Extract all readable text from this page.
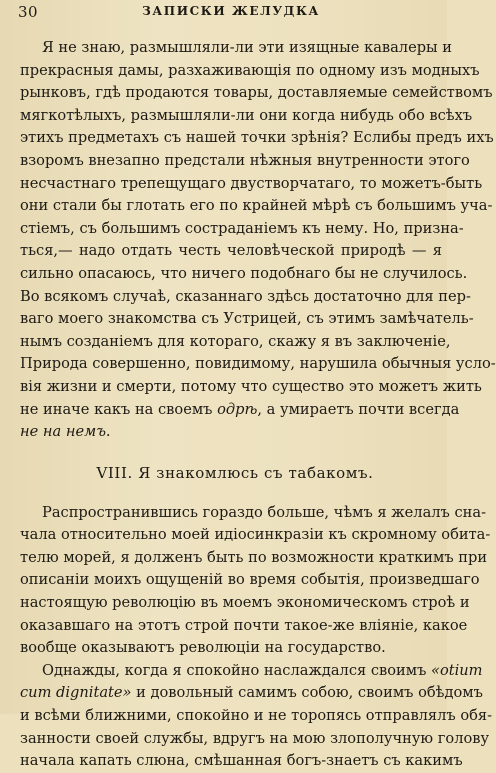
30	ЗАПИСКИ ЖЕЛУДКА
Я не знаю, размышляли-ли эти изящные кавалеры и
прекрасныя дамы, разхаживающія по одному изъ модныхъ
рынковъ, гдѣ продаются товары, доставляемые семействомъ
мягкотѣлыхъ, размышляли-ли они когда нибудь обо всѣхъ
этихъ предметахъ съ нашей точки зрѣнія? Еслибы предъ ихъ
взоромъ внезапно предстали нѣжныя внутренности этого
несчастнаго трепещущаго двустворчатаго, то можетъ-быть
они стали бы глотать его по крайней мѣрѣ съ большимъ уча-
стіемъ, съ большимъ состраданіемъ къ нему. Но, призна-
ться,— надо отдать честь человѣческой природѣ — я
сильно опасаюсь, что ничего подобнаго бы не случилось.
Во всякомъ случаѣ, сказаннаго здѣсь достаточно для пер-
ваго моего знакомства съ Устрицей, съ этимъ замѣчатель-
нымъ созданіемъ для котораго, скажу я въ заключеніе,
Природа совершенно, повидимому, нарушила обычныя усло-
вія жизни и смерти, потому что существо это можетъ жить
не иначе какъ на своемъ одрѣ, а умираетъ почти всегда
не на немъ.
VIII. Я знакомлюсь съ табакомъ.
Распространившись гораздо больше, чѣмъ я желалъ сна-
чала относительно моей идіосинкразіи къ скромному обита-
телю морей, я долженъ быть по возможности краткимъ при
описаніи моихъ ощущеній во время событія, произведшаго
настоящую революцію въ моемъ экономическомъ строѣ и
оказавшаго на этотъ строй почти такое-же вліяніе, какое
вообще оказываютъ революціи на государство.
Однажды, когда я спокойно наслаждался своимъ «otium
cum dignitate» и довольный самимъ собою, своимъ обѣдомъ
и всѣми ближними, спокойно и не торопясь отправлялъ обя-
занности своей службы, вдругъ на мою злополучную голову
начала капать слюна, смѣшанная богъ-знаетъ съ какимъ
